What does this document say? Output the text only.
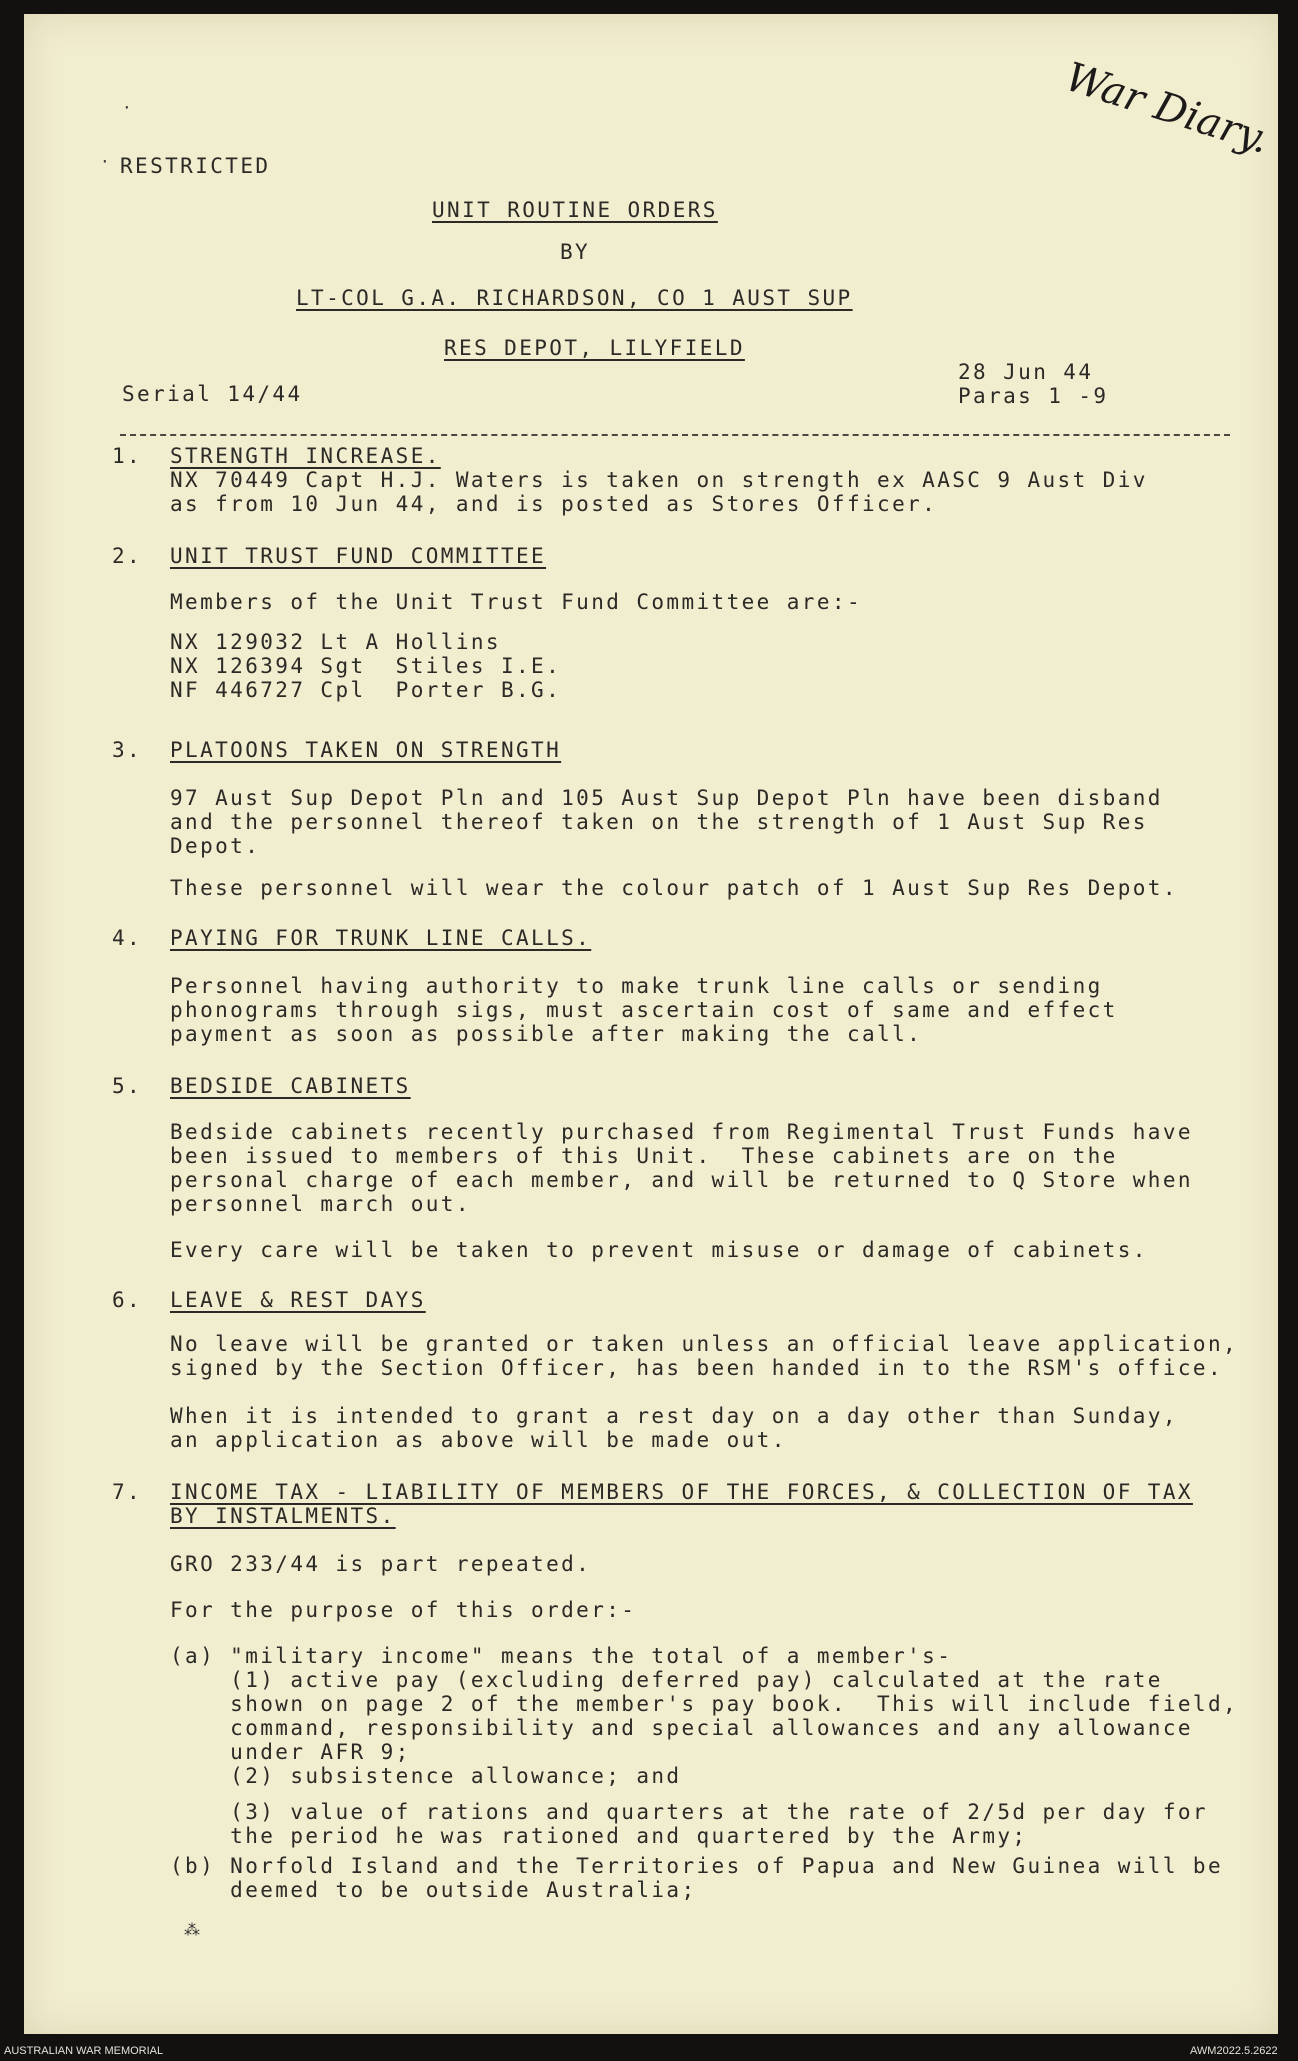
War Diary.
·
·
⁂
RESTRICTED
UNIT ROUTINE ORDERS
BY
LT-COL G.A. RICHARDSON, CO 1 AUST SUP
RES DEPOT, LILYFIELD
28 Jun 44
Paras 1 -9
Serial 14/44
1. STRENGTH INCREASE.
NX 70449 Capt H.J. Waters is taken on strength ex AASC 9 Aust Div
as from 10 Jun 44, and is posted as Stores Officer.
2. UNIT TRUST FUND COMMITTEE
Members of the Unit Trust Fund Committee are:-
NX 129032 Lt A Hollins
NX 126394 Sgt  Stiles I.E.
NF 446727 Cpl  Porter B.G.
3. PLATOONS TAKEN ON STRENGTH
97 Aust Sup Depot Pln and 105 Aust Sup Depot Pln have been disband
and the personnel thereof taken on the strength of 1 Aust Sup Res
Depot.
These personnel will wear the colour patch of 1 Aust Sup Res Depot.
4. PAYING FOR TRUNK LINE CALLS.
Personnel having authority to make trunk line calls or sending
phonograms through sigs, must ascertain cost of same and effect
payment as soon as possible after making the call.
5. BEDSIDE CABINETS
Bedside cabinets recently purchased from Regimental Trust Funds have
been issued to members of this Unit.  These cabinets are on the
personal charge of each member, and will be returned to Q Store when
personnel march out.
Every care will be taken to prevent misuse or damage of cabinets.
6. LEAVE & REST DAYS
No leave will be granted or taken unless an official leave application,
signed by the Section Officer, has been handed in to the RSM's office.
When it is intended to grant a rest day on a day other than Sunday,
an application as above will be made out.
7. INCOME TAX - LIABILITY OF MEMBERS OF THE FORCES, & COLLECTION OF TAX
BY INSTALMENTS.
GRO 233/44 is part repeated.
For the purpose of this order:-
(a) "military income" means the total of a member's-
(1) active pay (excluding deferred pay) calculated at the rate
shown on page 2 of the member's pay book.  This will include field,
command, responsibility and special allowances and any allowance
under AFR 9;
(2) subsistence allowance; and
(3) value of rations and quarters at the rate of 2/5d per day for
the period he was rationed and quartered by the Army;
(b) Norfold Island and the Territories of Papua and New Guinea will be
deemed to be outside Australia;
AUSTRALIAN WAR MEMORIAL	AWM2022.5.2622
